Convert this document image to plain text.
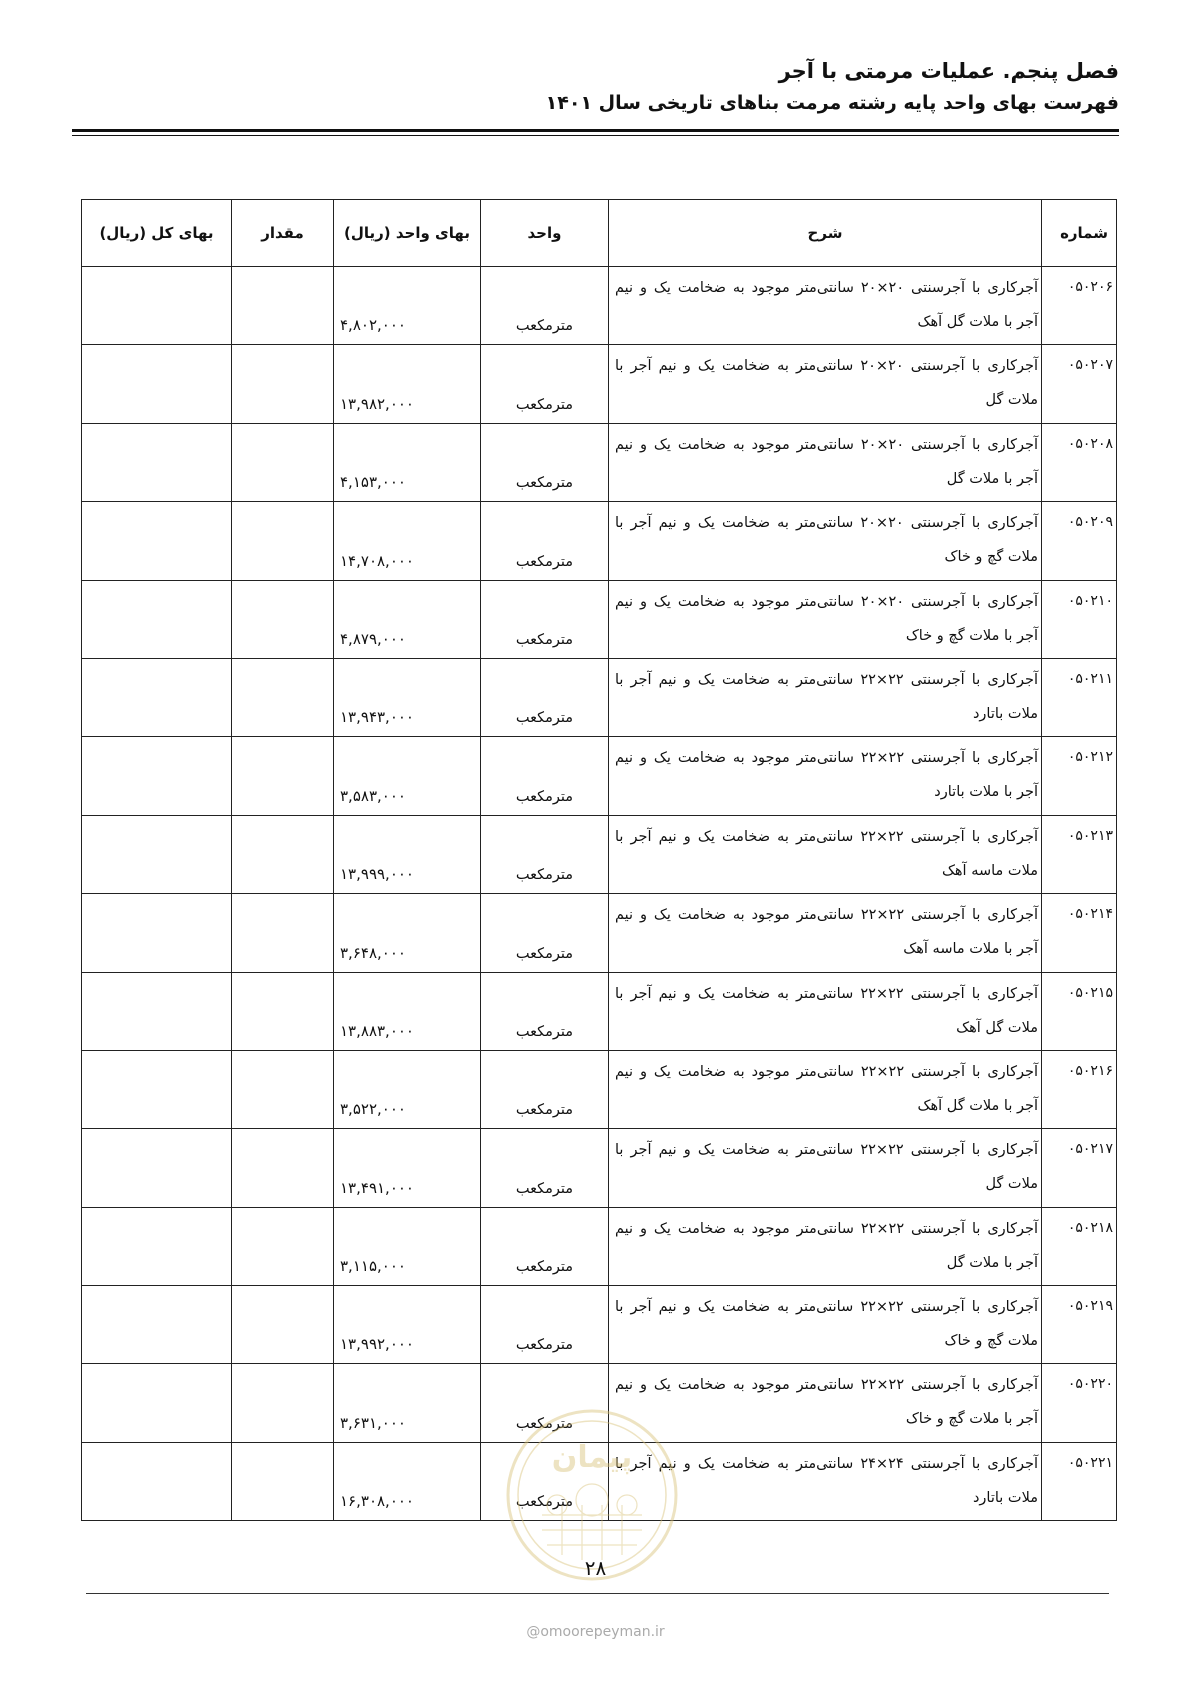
فصل پنجم. عملیات مرمتی با آجر
فهرست بهای واحد پایه رشته مرمت بناهای تاریخی سال ۱۴۰۱
شماره	شرح	واحد	بهای واحد (ریال)	مقدار	بهای کل (ریال)
۰۵۰۲۰۶	آجرکاری با آجرسنتی ۲۰×۲۰ سانتی‌متر موجود به ضخامت یک و نیم آجر با ملات گل آهک	مترمکعب	۴,۸۰۲,۰۰۰		
۰۵۰۲۰۷	آجرکاری با آجرسنتی ۲۰×۲۰ سانتی‌متر به ضخامت یک و نیم آجر با ملات گل	مترمکعب	۱۳,۹۸۲,۰۰۰		
۰۵۰۲۰۸	آجرکاری با آجرسنتی ۲۰×۲۰ سانتی‌متر موجود به ضخامت یک و نیم آجر با ملات گل	مترمکعب	۴,۱۵۳,۰۰۰		
۰۵۰۲۰۹	آجرکاری با آجرسنتی ۲۰×۲۰ سانتی‌متر به ضخامت یک و نیم آجر با ملات گچ و خاک	مترمکعب	۱۴,۷۰۸,۰۰۰		
۰۵۰۲۱۰	آجرکاری با آجرسنتی ۲۰×۲۰ سانتی‌متر موجود به ضخامت یک و نیم آجر با ملات گچ و خاک	مترمکعب	۴,۸۷۹,۰۰۰		
۰۵۰۲۱۱	آجرکاری با آجرسنتی ۲۲×۲۲ سانتی‌متر به ضخامت یک و نیم آجر با ملات باتارد	مترمکعب	۱۳,۹۴۳,۰۰۰		
۰۵۰۲۱۲	آجرکاری با آجرسنتی ۲۲×۲۲ سانتی‌متر موجود به ضخامت یک و نیم آجر با ملات باتارد	مترمکعب	۳,۵۸۳,۰۰۰		
۰۵۰۲۱۳	آجرکاری با آجرسنتی ۲۲×۲۲ سانتی‌متر به ضخامت یک و نیم آجر با ملات ماسه آهک	مترمکعب	۱۳,۹۹۹,۰۰۰		
۰۵۰۲۱۴	آجرکاری با آجرسنتی ۲۲×۲۲ سانتی‌متر موجود به ضخامت یک و نیم آجر با ملات ماسه آهک	مترمکعب	۳,۶۴۸,۰۰۰		
۰۵۰۲۱۵	آجرکاری با آجرسنتی ۲۲×۲۲ سانتی‌متر به ضخامت یک و نیم آجر با ملات گل آهک	مترمکعب	۱۳,۸۸۳,۰۰۰		
۰۵۰۲۱۶	آجرکاری با آجرسنتی ۲۲×۲۲ سانتی‌متر موجود به ضخامت یک و نیم آجر با ملات گل آهک	مترمکعب	۳,۵۲۲,۰۰۰		
۰۵۰۲۱۷	آجرکاری با آجرسنتی ۲۲×۲۲ سانتی‌متر به ضخامت یک و نیم آجر با ملات گل	مترمکعب	۱۳,۴۹۱,۰۰۰		
۰۵۰۲۱۸	آجرکاری با آجرسنتی ۲۲×۲۲ سانتی‌متر موجود به ضخامت یک و نیم آجر با ملات گل	مترمکعب	۳,۱۱۵,۰۰۰		
۰۵۰۲۱۹	آجرکاری با آجرسنتی ۲۲×۲۲ سانتی‌متر به ضخامت یک و نیم آجر با ملات گچ و خاک	مترمکعب	۱۳,۹۹۲,۰۰۰		
۰۵۰۲۲۰	آجرکاری با آجرسنتی ۲۲×۲۲ سانتی‌متر موجود به ضخامت یک و نیم آجر با ملات گچ و خاک	مترمکعب	۳,۶۳۱,۰۰۰		
۰۵۰۲۲۱	آجرکاری با آجرسنتی ۲۴×۲۴ سانتی‌متر به ضخامت یک و نیم آجر با ملات باتارد	مترمکعب	۱۶,۳۰۸,۰۰۰		
پیمان
۲۸
@omoorepeyman.ir
